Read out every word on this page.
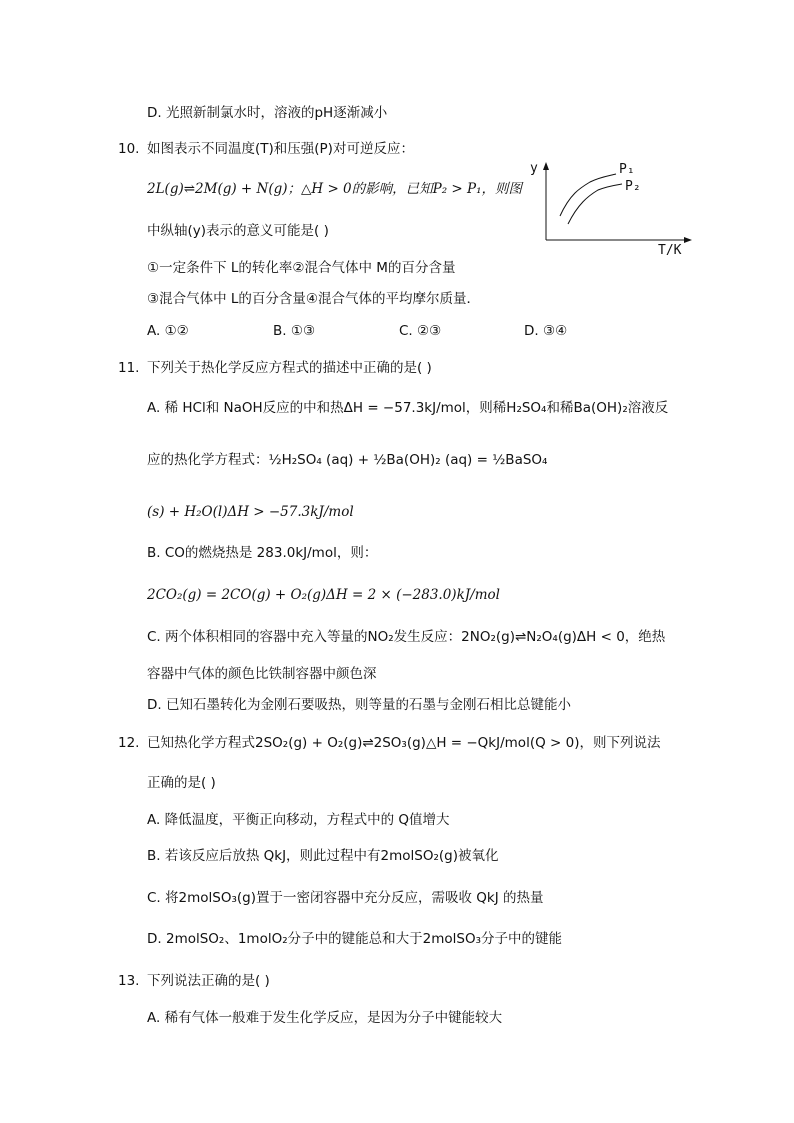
D. 光照新制氯水时，溶液的pH逐渐减小
10. 如图表示不同温度(T)和压强(P)对可逆反应：
2L(g)⇌2M(g) + N(g)；△H > 0的影响，已知P₂ > P₁，则图
中纵轴(y)表示的意义可能是( )
①一定条件下 L的转化率②混合气体中 M的百分含量
③混合气体中 L的百分含量④混合气体的平均摩尔质量．
A. ①②	B. ①③	C. ②③	D. ③④
y	P₁
P₂
T/K
11. 下列关于热化学反应方程式的描述中正确的是( )
A. 稀 HCl和 NaOH反应的中和热ΔH = −57.3kJ/mol，则稀H₂SO₄和稀Ba(OH)₂溶液反
应的热化学方程式：½H₂SO₄ (aq) + ½Ba(OH)₂ (aq) = ½BaSO₄
(s) + H₂O(l)ΔH > −57.3kJ/mol
B. CO的燃烧热是 283.0kJ/mol，则：
2CO₂(g) = 2CO(g) + O₂(g)ΔH = 2 × (−283.0)kJ/mol
C. 两个体积相同的容器中充入等量的NO₂发生反应：2NO₂(g)⇌N₂O₄(g)ΔH < 0，绝热
容器中气体的颜色比铁制容器中颜色深
D. 已知石墨转化为金刚石要吸热，则等量的石墨与金刚石相比总键能小
12. 已知热化学方程式2SO₂(g) + O₂(g)⇌2SO₃(g)△H = −QkJ/mol(Q > 0)，则下列说法
正确的是( )
A. 降低温度，平衡正向移动，方程式中的 Q值增大
B. 若该反应后放热 QkJ，则此过程中有2molSO₂(g)被氧化
C. 将2molSO₃(g)置于一密闭容器中充分反应，需吸收 QkJ 的热量
D. 2molSO₂、1molO₂分子中的键能总和大于2molSO₃分子中的键能
13. 下列说法正确的是( )
A. 稀有气体一般难于发生化学反应，是因为分子中键能较大
